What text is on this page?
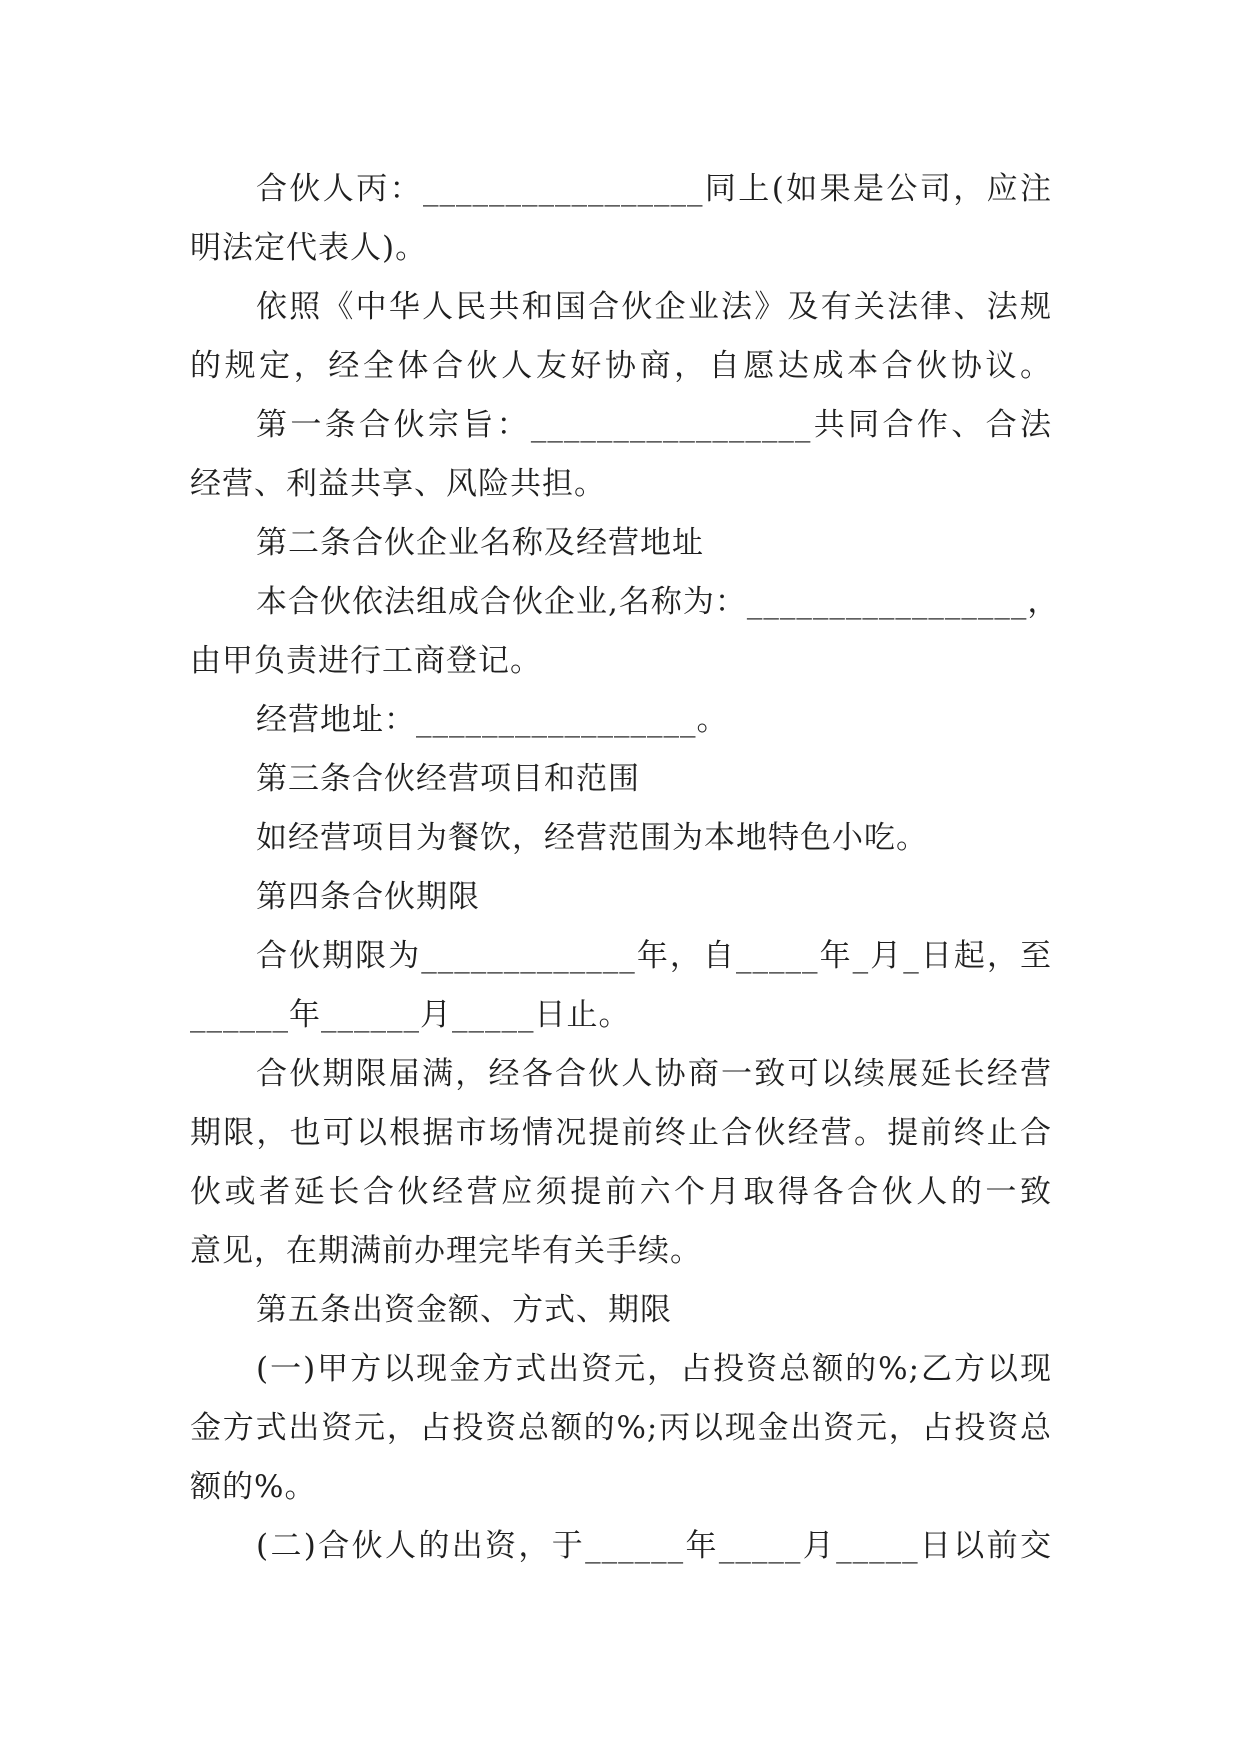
合伙人丙：_________________同上(如果是公司，应注
明法定代表人)。
依照《中华人民共和国合伙企业法》及有关法律、法规
的规定，经全体合伙人友好协商，自愿达成本合伙协议。
第一条合伙宗旨：_________________共同合作、合法
经营、利益共享、风险共担。
第二条合伙企业名称及经营地址
本合伙依法组成合伙企业,名称为：_________________，
由甲负责进行工商登记。
经营地址：_________________。
第三条合伙经营项目和范围
如经营项目为餐饮，经营范围为本地特色小吃。
第四条合伙期限
合伙期限为_____________年，自_____年_月_日起，至
______年______月_____日止。
合伙期限届满，经各合伙人协商一致可以续展延长经营
期限，也可以根据市场情况提前终止合伙经营。提前终止合
伙或者延长合伙经营应须提前六个月取得各合伙人的一致
意见，在期满前办理完毕有关手续。
第五条出资金额、方式、期限
(一)甲方以现金方式出资元，占投资总额的%;乙方以现
金方式出资元，占投资总额的%;丙以现金出资元，占投资总
额的%。
(二)合伙人的出资，于______年_____月_____日以前交
